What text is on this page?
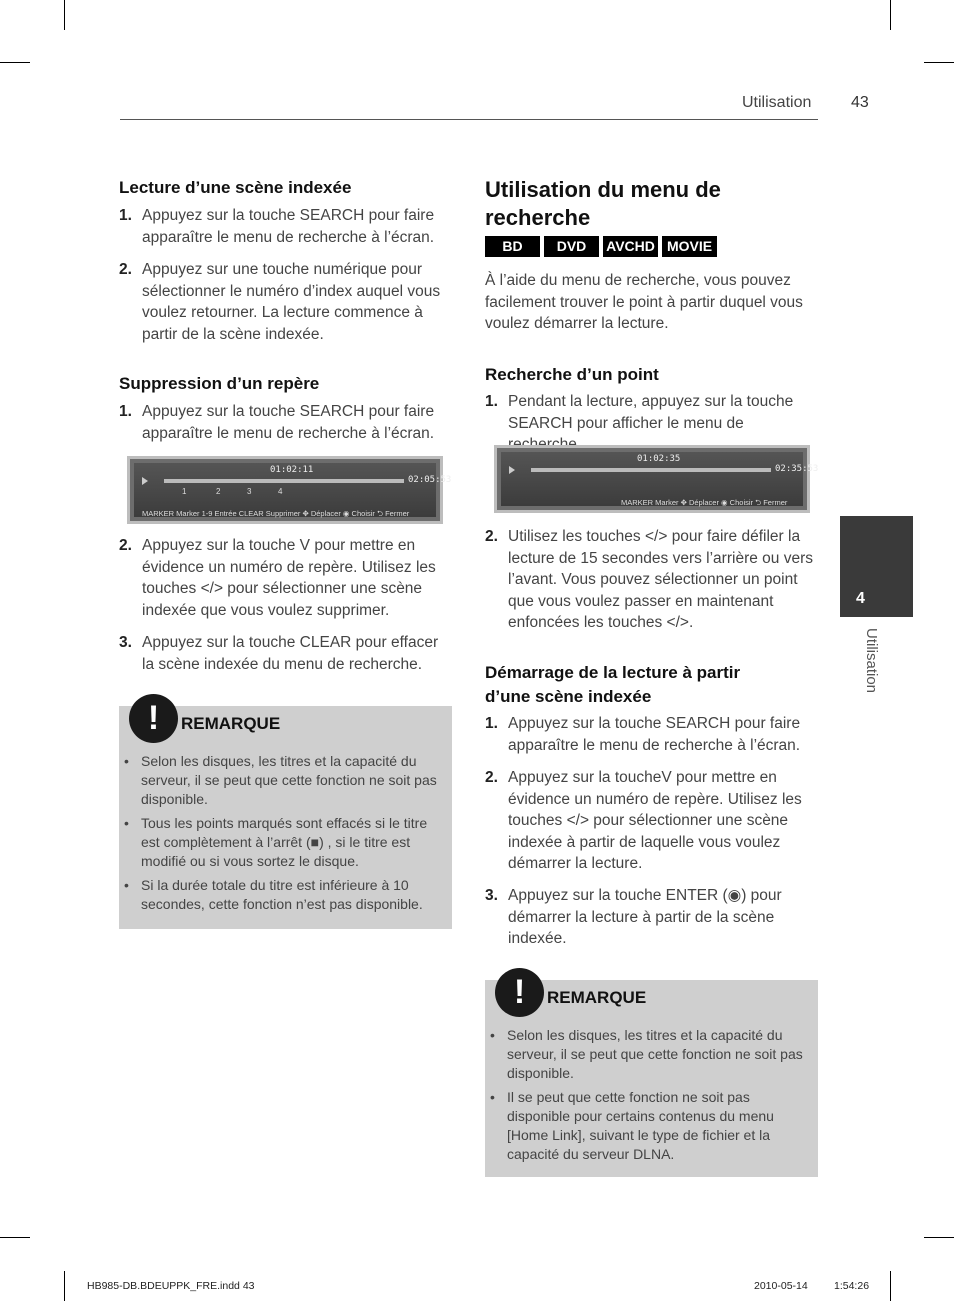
Utilisation 43
Lecture d’une scène indexée
1. Appuyez sur la touche SEARCH pour faire apparaître le menu de recherche à l’écran.
2. Appuyez sur une touche numérique pour sélectionner le numéro d’index auquel vous voulez retourner. La lecture commence à partir de la scène indexée.
Suppression d’un repère
1. Appuyez sur la touche SEARCH pour faire apparaître le menu de recherche à l’écran.
01:02:11
02:05:53
1	2	3	4
MARKER Marker 1-9 Entrée CLEAR Supprimer ✥ Déplacer ◉ Choisir ⮌ Fermer
2. Appuyez sur la touche V pour mettre en évidence un numéro de repère. Utilisez les touches </> pour sélectionner une scène indexée que vous voulez supprimer.
3. Appuyez sur la touche CLEAR pour effacer la scène indexée du menu de recherche.
!	REMARQUE
• Selon les disques, les titres et la capacité du serveur, il se peut que cette fonction ne soit pas disponible.
• Tous les points marqués sont effacés si le titre est complètement à l’arrêt (■) , si le titre est modifié ou si vous sortez le disque.
• Si la durée totale du titre est inférieure à 10 secondes, cette fonction n’est pas disponible.
Utilisation du menu de recherche
BD	DVD	AVCHD MOVIE
À l’aide du menu de recherche, vous pouvez facilement trouver le point à partir duquel vous voulez démarrer la lecture.
Recherche d’un point
1. Pendant la lecture, appuyez sur la touche SEARCH pour afficher le menu de
01:02:35
02:35:53
MARKER Marker ✥ Déplacer ◉ Choisir ⮌ Fermer
2. Utilisez les touches </> pour faire défiler la lecture de 15 secondes vers l’arrière ou vers l’avant. Vous pouvez sélectionner un point que vous voulez passer en maintenant enfoncées les touches </>.
Démarrage de la lecture à partir d’une scène indexée
1. Appuyez sur la touche SEARCH pour faire apparaître le menu de recherche à l’écran.
2. Appuyez sur la toucheV pour mettre en évidence un numéro de repère. Utilisez les touches </> pour sélectionner une scène indexée à partir de laquelle vous voulez démarrer la lecture.
3. Appuyez sur la touche ENTER (◉) pour démarrer la lecture à partir de la scène indexée.
!	REMARQUE
• Selon les disques, les titres et la capacité du serveur, il se peut que cette fonction ne soit pas disponible.
• Il se peut que cette fonction ne soit pas disponible pour certains contenus du menu [Home Link], suivant le type de fichier et la capacité du serveur DLNA.
4
Utilisation
HB985-DB.BDEUPPK_FRE.indd 43	2010-05-14	1:54:26
